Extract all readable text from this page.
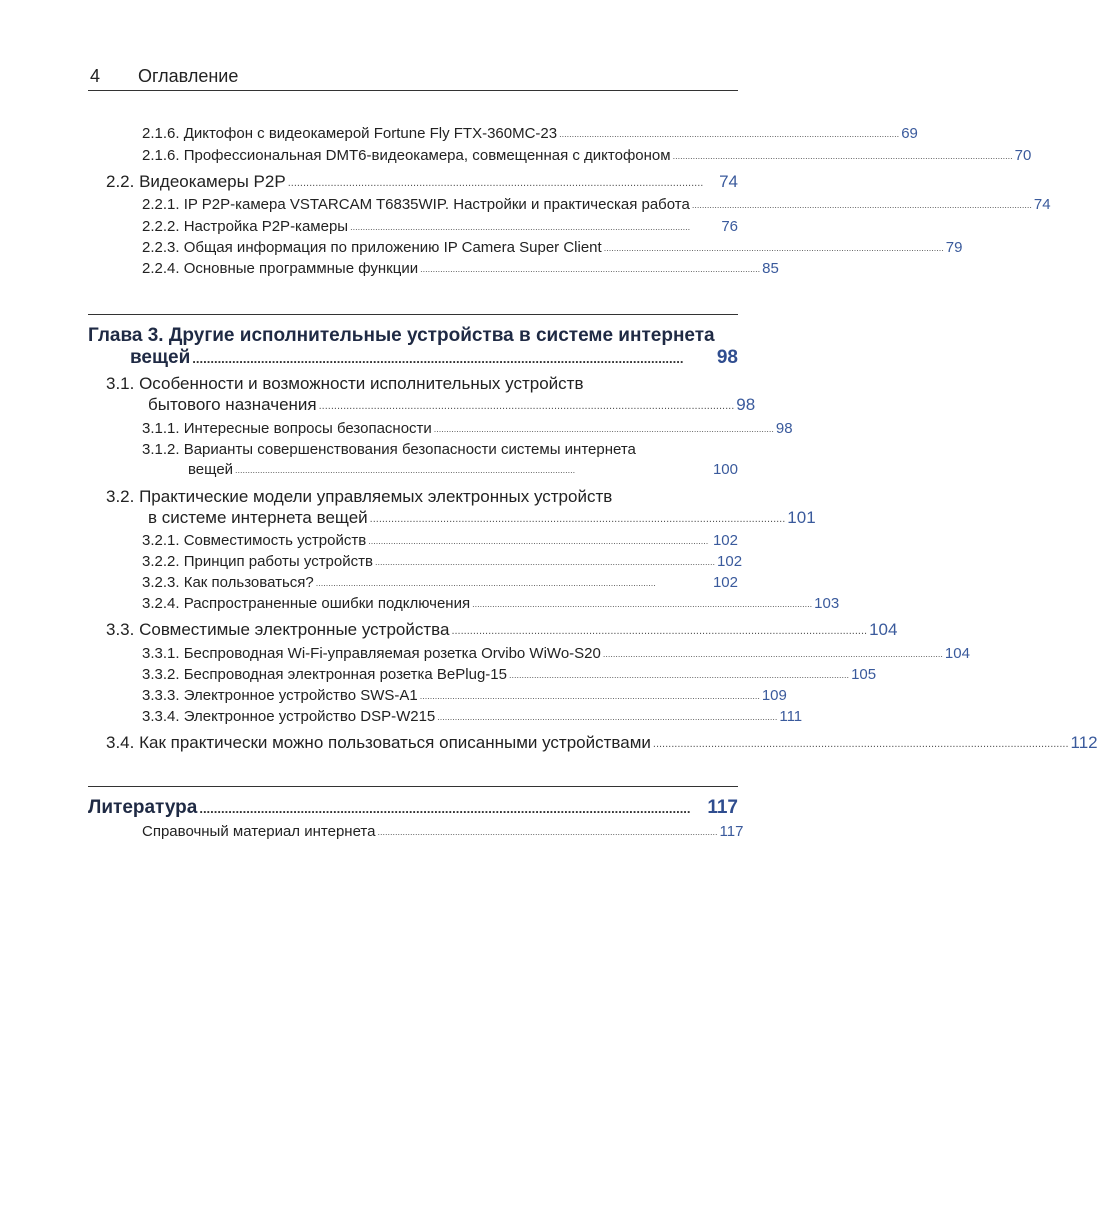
4 Оглавление
2.1.6. Диктофон с видеокамерой Fortune Fly FTX-360MC-23 ........................................................................................................................................ 69
2.1.6. Профессиональная DMT6-видеокамера, совмещенная с диктофоном ........................................................................................................................................ 70
2.2. Видеокамеры P2P ........................................................................................................................................ 74
2.2.1. IP P2P-камера VSTARCAM T6835WIP. Настройки и практическая работа ........................................................................................................................................ 74
2.2.2. Настройка P2P-камеры ........................................................................................................................................	76
2.2.3. Общая информация по приложению IP Camera Super Client ........................................................................................................................................ 79
2.2.4. Основные программные функции ........................................................................................................................................ 85
Глава 3. Другие исполнительные устройства в системе интернета
вещей ........................................................................................................................................	98
3.1. Особенности и возможности исполнительных устройств
бытового назначения ........................................................................................................................................ 98
3.1.1. Интересные вопросы безопасности ........................................................................................................................................ 98
3.1.2. Варианты совершенствования безопасности системы интернета
вещей ........................................................................................................................................	100
3.2. Практические модели управляемых электронных устройств
в системе интернета вещей ........................................................................................................................................ 101
3.2.1. Совместимость устройств ........................................................................................................................................ 102
3.2.2. Принцип работы устройств ........................................................................................................................................ 102
3.2.3. Как пользоваться? ........................................................................................................................................	102
3.2.4. Распространенные ошибки подключения ........................................................................................................................................ 103
3.3. Совместимые электронные устройства ........................................................................................................................................ 104
3.3.1. Беспроводная Wi-Fi-управляемая розетка Orvibo WiWo-S20 ........................................................................................................................................ 104
3.3.2. Беспроводная электронная розетка BePlug-15 ........................................................................................................................................ 105
3.3.3. Электронное устройство SWS-A1 ........................................................................................................................................ 109
3.3.4. Электронное устройство DSP-W215 ........................................................................................................................................ 111
3.4. Как практически можно пользоваться описанными устройствами ........................................................................................................................................ 112
Литература ........................................................................................................................................ 117
Справочный материал интернета ........................................................................................................................................ 117
